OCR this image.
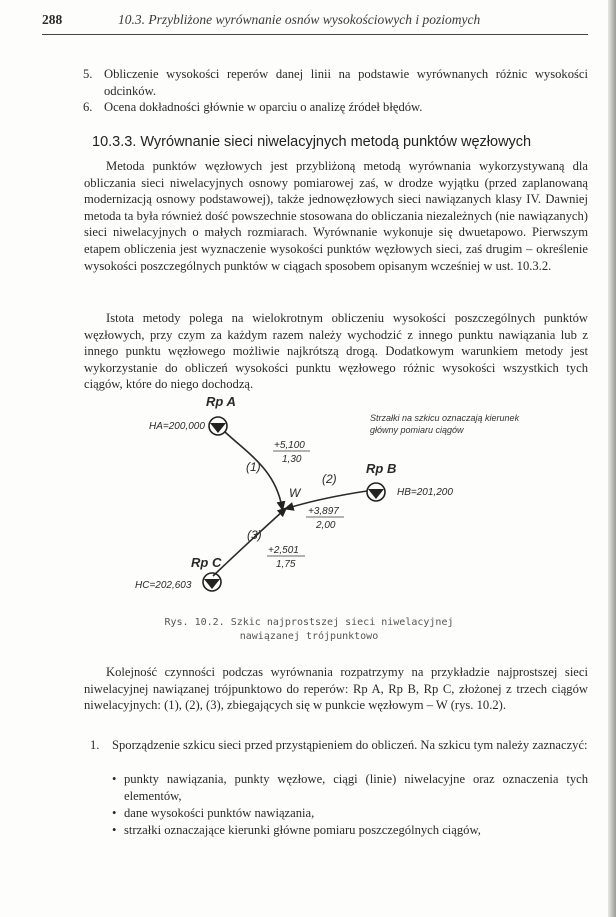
288	10.3. Przybliżone wyrównanie osnów wysokościowych i poziomych
5. Obliczenie wysokości reperów danej linii na podstawie wyrównanych różnic wysokości odcinków.
6. Ocena dokładności głównie w oparciu o analizę źródeł błędów.
10.3.3. Wyrównanie sieci niwelacyjnych metodą punktów węzłowych
Metoda punktów węzłowych jest przybliżoną metodą wyrównania wykorzystywaną dla obliczania sieci niwelacyjnych osnowy pomiarowej zaś, w drodze wyjątku (przed zaplanowaną modernizacją osnowy podstawowej), także jednowęzłowych sieci nawiązanych klasy IV. Dawniej metoda ta była również dość powszechnie stosowana do obliczania niezależnych (nie nawiązanych) sieci niwelacyjnych o małych rozmiarach. Wyrównanie wykonuje się dwuetapowo. Pierwszym etapem obliczenia jest wyznaczenie wysokości punktów węzłowych sieci, zaś drugim – określenie wysokości poszczególnych punktów w ciągach sposobem opisanym wcześniej w ust. 10.3.2.
Istota metody polega na wielokrotnym obliczeniu wysokości poszczególnych punktów węzłowych, przy czym za każdym razem należy wychodzić z innego punktu nawiązania lub z innego punktu węzłowego możliwie najkrótszą drogą. Dodatkowym warunkiem metody jest wykorzystanie do obliczeń wysokości punktu węzłowego różnic wysokości wszystkich tych ciągów, które do niego dochodzą.
Rp A
HA=200,000
Rp B
HB=201,200
Rp C
HC=202,603
W
(1)
+5,100
1,30
(2)
+3,897
2,00
(3)
+2,501
1,75
Strzałki na szkicu oznaczają kierunek główny pomiaru ciągów
Rys. 10.2. Szkic najprostszej sieci niwelacyjnej
nawiązanej trójpunktowo
Kolejność czynności podczas wyrównania rozpatrzymy na przykładzie najprostszej sieci niwelacyjnej nawiązanej trójpunktowo do reperów: Rp A, Rp B, Rp C, złożonej z trzech ciągów niwelacyjnych: (1), (2), (3), zbiegających się w punkcie węzłowym – W (rys. 10.2).
1. Sporządzenie szkicu sieci przed przystąpieniem do obliczeń. Na szkicu tym należy zaznaczyć:
• punkty nawiązania, punkty węzłowe, ciągi (linie) niwelacyjne oraz oznaczenia tych elementów,
• dane wysokości punktów nawiązania,
• strzałki oznaczające kierunki główne pomiaru poszczególnych ciągów,
